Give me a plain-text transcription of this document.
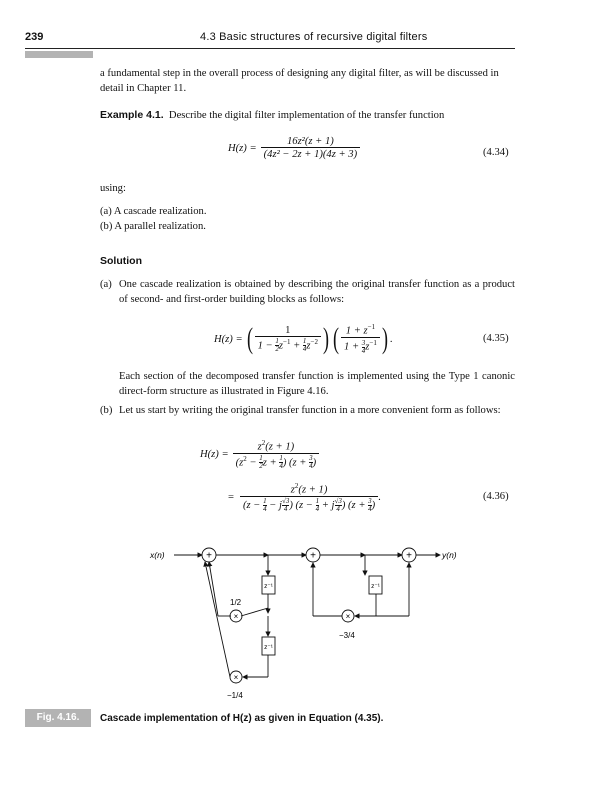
239	4.3 Basic structures of recursive digital filters
a fundamental step in the overall process of designing any digital filter, as will be discussed in detail in Chapter 11.
Example 4.1. Describe the digital filter implementation of the transfer function
$H(z) = \frac{\text{16z²(z + 1)}}{\text{(4z² − 2z + 1)(4z + 3)}}$	(4.34)
using:
(a) A cascade realization.
(b) A parallel realization.
Solution
(a) One cascade realization is obtained by describing the original transfer function as a product of second- and first-order building blocks as follows:
H(z) = ( $\frac{1}{1 - \frac{1}{2} z^{-1} + \frac{1}{4} z^{-2}}$ ) ( $\frac{1 + z^{-1}}{1 + \frac{3}{4} z^{-1}}$ ) .	(4.35)
Each section of the decomposed transfer function is implemented using the Type 1 canonic direct-form structure as illustrated in Figure 4.16.
(b) Let us start by writing the original transfer function in a more convenient form as follows:
$H(z) = \frac{z^2(z + 1)}{(z^2 - \frac{1}{2} z + \frac{1}{4} ) (z + \frac{3}{4} )}$
= $\frac{z^2(z + 1)}{(z - \frac{1}{4} - j \frac{√3}{4} ) (z - \frac{1}{4} + j \frac{√3}{4} ) (z + \frac{3}{4} )}$ .	(4.36)
+	+	+
×
×
×
z⁻¹
z⁻¹
z⁻¹
x(n)	y(n)
1/2
−1/4
−3/4
Fig. 4.16.	Cascade implementation of H(z) as given in Equation (4.35).
